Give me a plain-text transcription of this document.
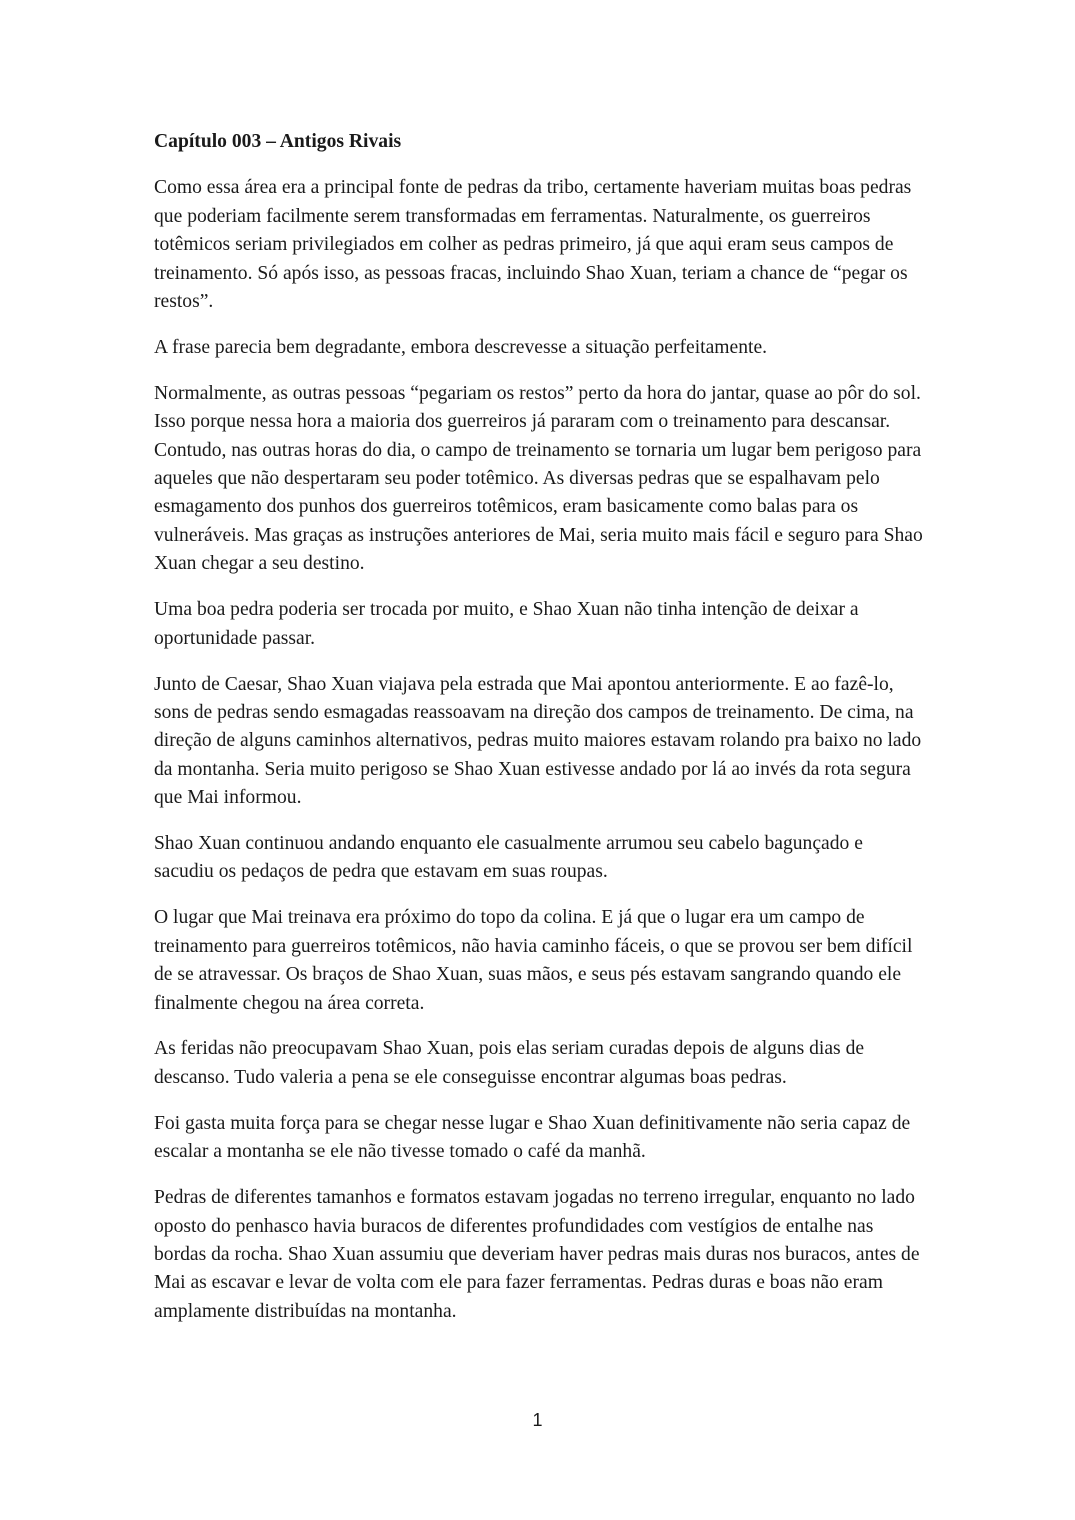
Capítulo 003 – Antigos Rivais

Como essa área era a principal fonte de pedras da tribo, certamente haveriam muitas boas pedras que poderiam facilmente serem transformadas em ferramentas. Naturalmente, os guerreiros totêmicos seriam privilegiados em colher as pedras primeiro, já que aqui eram seus campos de treinamento. Só após isso, as pessoas fracas, incluindo Shao Xuan, teriam a chance de “pegar os restos”.

A frase parecia bem degradante, embora descrevesse a situação perfeitamente.

Normalmente, as outras pessoas “pegariam os restos” perto da hora do jantar, quase ao pôr do sol. Isso porque nessa hora a maioria dos guerreiros já pararam com o treinamento para descansar. Contudo, nas outras horas do dia, o campo de treinamento se tornaria um lugar bem perigoso para aqueles que não despertaram seu poder totêmico. As diversas pedras que se espalhavam pelo esmagamento dos punhos dos guerreiros totêmicos, eram basicamente como balas para os vulneráveis. Mas graças as instruções anteriores de Mai, seria muito mais fácil e seguro para Shao Xuan chegar a seu destino.

Uma boa pedra poderia ser trocada por muito, e Shao Xuan não tinha intenção de deixar a oportunidade passar.

Junto de Caesar, Shao Xuan viajava pela estrada que Mai apontou anteriormente. E ao fazê-lo, sons de pedras sendo esmagadas reassoavam na direção dos campos de treinamento. De cima, na direção de alguns caminhos alternativos, pedras muito maiores estavam rolando pra baixo no lado da montanha. Seria muito perigoso se Shao Xuan estivesse andado por lá ao invés da rota segura que Mai informou.

Shao Xuan continuou andando enquanto ele casualmente arrumou seu cabelo bagunçado e sacudiu os pedaços de pedra que estavam em suas roupas.

O lugar que Mai treinava era próximo do topo da colina. E já que o lugar era um campo de treinamento para guerreiros totêmicos, não havia caminho fáceis, o que se provou ser bem difícil de se atravessar. Os braços de Shao Xuan, suas mãos, e seus pés estavam sangrando quando ele finalmente chegou na área correta.

As feridas não preocupavam Shao Xuan, pois elas seriam curadas depois de alguns dias de descanso. Tudo valeria a pena se ele conseguisse encontrar algumas boas pedras.

Foi gasta muita força para se chegar nesse lugar e Shao Xuan definitivamente não seria capaz de escalar a montanha se ele não tivesse tomado o café da manhã.

Pedras de diferentes tamanhos e formatos estavam jogadas no terreno irregular, enquanto no lado oposto do penhasco havia buracos de diferentes profundidades com vestígios de entalhe nas bordas da rocha. Shao Xuan assumiu que deveriam haver pedras mais duras nos buracos, antes de Mai as escavar e levar de volta com ele para fazer ferramentas. Pedras duras e boas não eram amplamente distribuídas na montanha.

1
